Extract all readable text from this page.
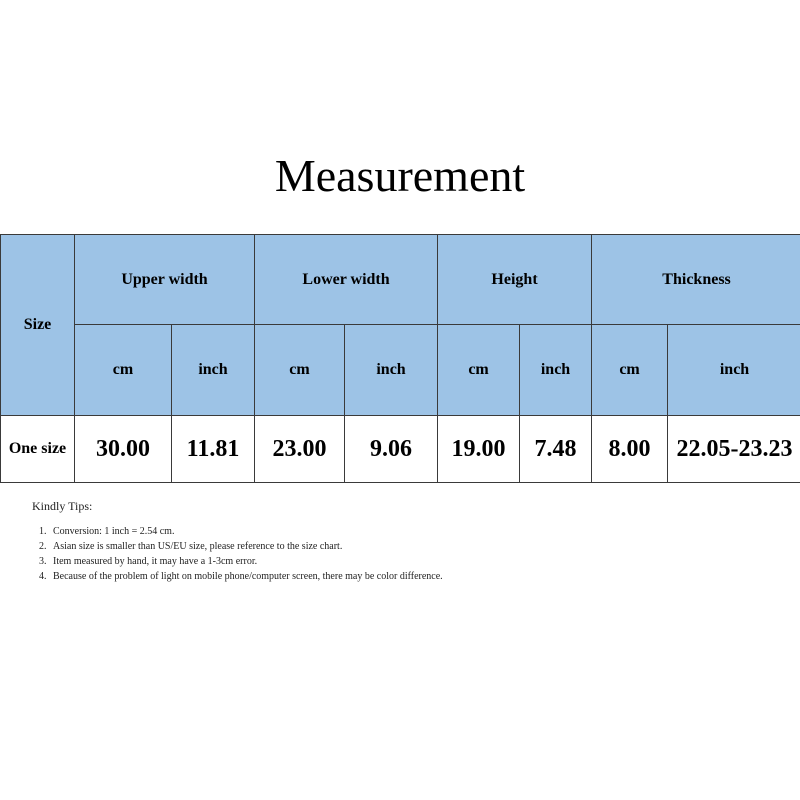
Measurement
Size	Upper width		Lower width		Height		Thickness	
	cm	inch	cm	inch	cm	inch	cm	inch
One size	30.00	11.81	23.00	9.06	19.00	7.48	8.00	22.05-23.23
Kindly Tips:
1. Conversion: 1 inch = 2.54 cm.
2. Asian size is smaller than US/EU size, please reference to the size chart.
3. Item measured by hand, it may have a 1-3cm error.
4. Because of the problem of light on mobile phone/computer screen, there may be color difference.
